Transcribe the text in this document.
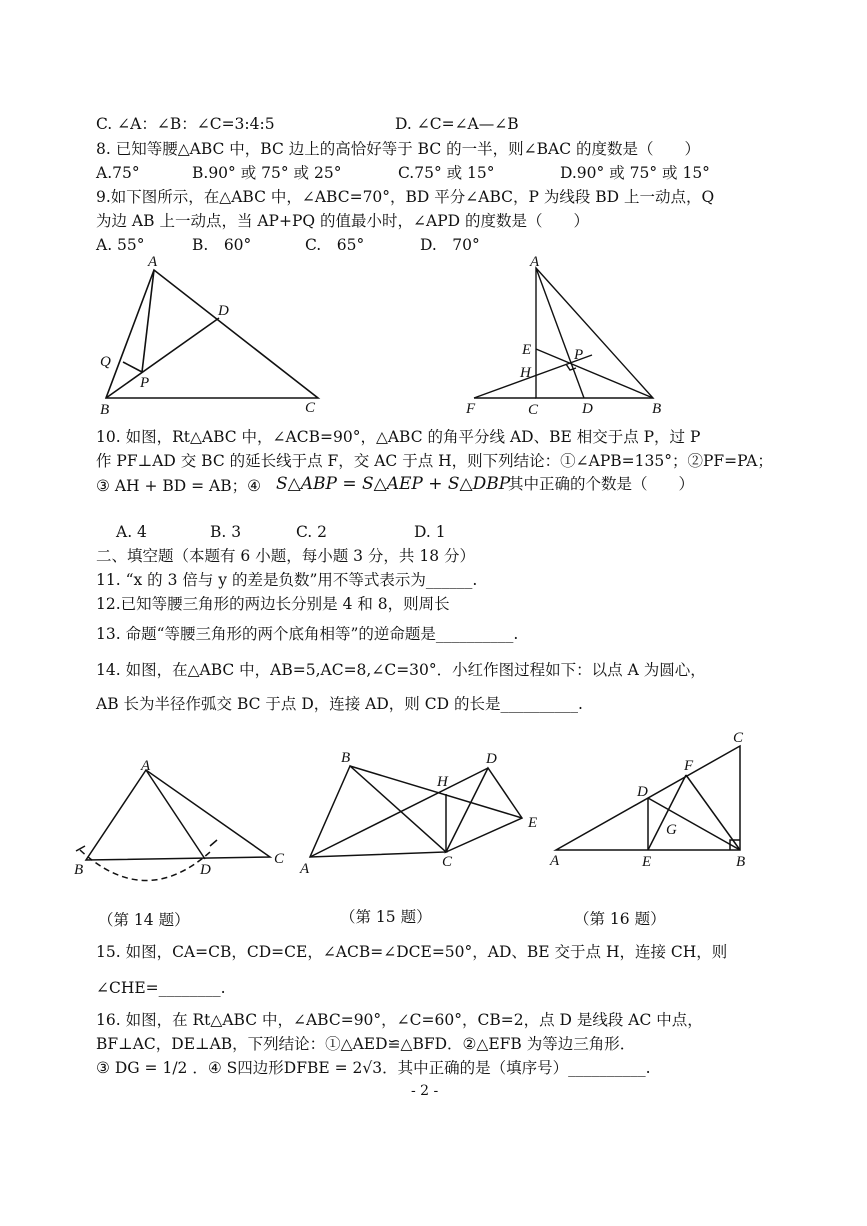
C. ∠A：∠B：∠C=3:4:5	D. ∠C=∠A—∠B
8. 已知等腰△ABC 中，BC 边上的高恰好等于 BC 的一半，则∠BAC 的度数是（　　）
A.75°	B.90° 或 75° 或 25°	C.75° 或 15°	D.90° 或 75° 或 15°
9.如下图所示，在△ABC 中，∠ABC=70°，BD 平分∠ABC，P 为线段 BD 上一动点，Q
为边 AB 上一动点，当 AP+PQ 的值最小时，∠APD 的度数是（　　）
A. 55°	B.　60°	C.　65°	D.　70°
A
D
Q
P
B	C
A
E
H
P
F	C	D	B
10. 如图，Rt△ABC 中，∠ACB=90°，△ABC 的角平分线 AD、BE 相交于点 P，过 P
作 PF⊥AD 交 BC 的延长线于点 F，交 AC 于点 H，则下列结论：①∠APB=135°；②PF=PA；
③ AH + BD = AB；④ S△ABP = S△AEP + S△DBP
其中正确的个数是（　　）
A. 4	B. 3	C. 2	D. 1
二、填空题（本题有 6 小题，每小题 3 分，共 18 分）
11. “x 的 3 倍与 y 的差是负数”用不等式表示为______.
12.已知等腰三角形的两边长分别是 4 和 8，则周长
13. 命题“等腰三角形的两个底角相等”的逆命题是__________.
14. 如图，在△ABC 中，AB=5,AC=8,∠C=30°．小红作图过程如下：以点 A 为圆心，
AB 长为半径作弧交 BC 于点 D，连接 AD，则 CD 的长是__________.
A
B	D
C
B	D
H
E
A	C
C
F
D
G
A	E	B
（第 14 题）	（第 15 题）	（第 16 题）
15. 如图，CA=CB，CD=CE，∠ACB=∠DCE=50°，AD、BE 交于点 H，连接 CH，则
∠CHE=________.
16. 如图，在 Rt△ABC 中，∠ABC=90°，∠C=60°，CB=2，点 D 是线段 AC 中点，
BF⊥AC，DE⊥AB，下列结论：①△AED≌△BFD．②△EFB 为等边三角形．
③ DG = 1/2 ．④ S四边形DFBE = 2√3．其中正确的是（填序号）__________.
- 2 -
